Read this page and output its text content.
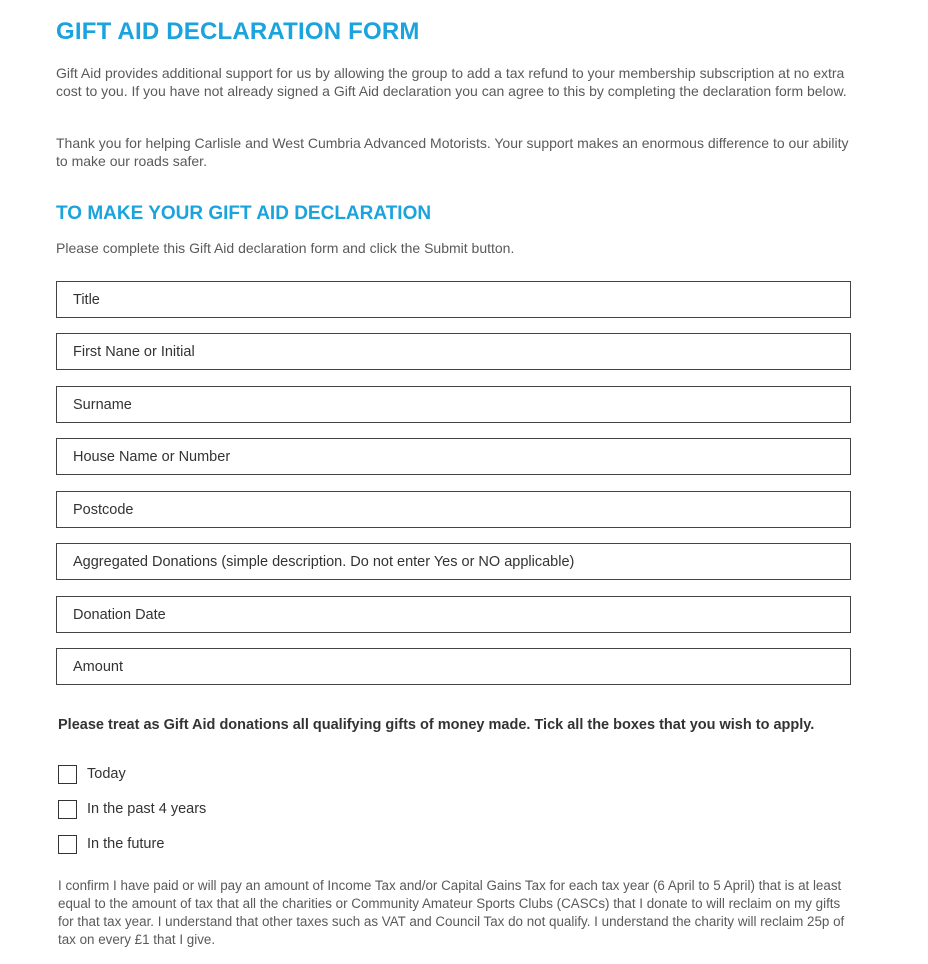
GIFT AID DECLARATION FORM

Gift Aid provides additional support for us by allowing the group to add a tax refund to your membership subscription at no extra cost to you. If you have not already signed a Gift Aid declaration you can agree to this by completing the declaration form below.

Thank you for helping Carlisle and West Cumbria Advanced Motorists. Your support makes an enormous difference to our ability to make our roads safer.

TO MAKE YOUR GIFT AID DECLARATION

Please complete this Gift Aid declaration form and click the Submit button.

Title
First Nane or Initial
Surname
House Name or Number
Postcode
Aggregated Donations (simple description. Do not enter Yes or NO applicable)
Donation Date
Amount

Please treat as Gift Aid donations all qualifying gifts of money made. Tick all the boxes that you wish to apply.

Today
In the past 4 years
In the future

I confirm I have paid or will pay an amount of Income Tax and/or Capital Gains Tax for each tax year (6 April to 5 April) that is at least equal to the amount of tax that all the charities or Community Amateur Sports Clubs (CASCs) that I donate to will reclaim on my gifts for that tax year. I understand that other taxes such as VAT and Council Tax do not qualify. I understand the charity will reclaim 25p of tax on every £1 that I give.
